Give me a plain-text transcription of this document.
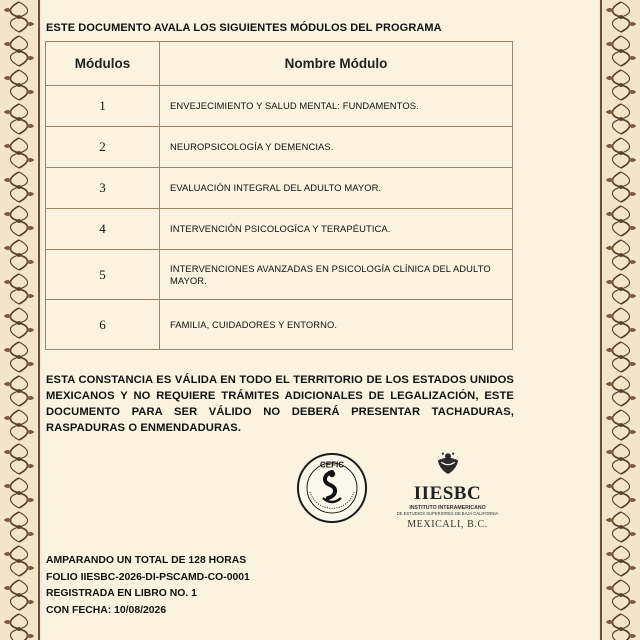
ESTE DOCUMENTO AVALA LOS SIGUIENTES MÓDULOS DEL PROGRAMA
Módulos	Nombre Módulo
1	ENVEJECIMIENTO Y SALUD MENTAL: FUNDAMENTOS.
2	NEUROPSICOLOGÍA Y DEMENCIAS.
3	EVALUACIÓN INTEGRAL DEL ADULTO MAYOR.
4	INTERVENCIÓN PSICOLOGÍCA Y TERAPÉUTICA.
5	INTERVENCIONES AVANZADAS EN PSICOLOGÍA CLÍNICA DEL ADULTO MAYOR.
6	FAMILIA, CUIDADORES Y ENTORNO.
ESTA CONSTANCIA ES VÁLIDA EN TODO EL TERRITORIO DE LOS ESTADOS UNIDOS MEXICANOS Y NO REQUIERE TRÁMITES ADICIONALES DE LEGALIZACIÓN, ESTE DOCUMENTO PARA SER VÁLIDO NO DEBERÁ PRESENTAR TACHADURAS, RASPADURAS O ENMENDADURAS.
CEFIC
IIESBC
INSTITUTO INTERAMERICANO
DE ESTUDIOS SUPERIORES DE BAJA CALIFORNIA
MEXICALI, B.C.
AMPARANDO UN TOTAL DE 128 HORAS
FOLIO IIESBC-2026-DI-PSCAMD-CO-0001
REGISTRADA EN LIBRO NO. 1
CON FECHA: 10/08/2026
